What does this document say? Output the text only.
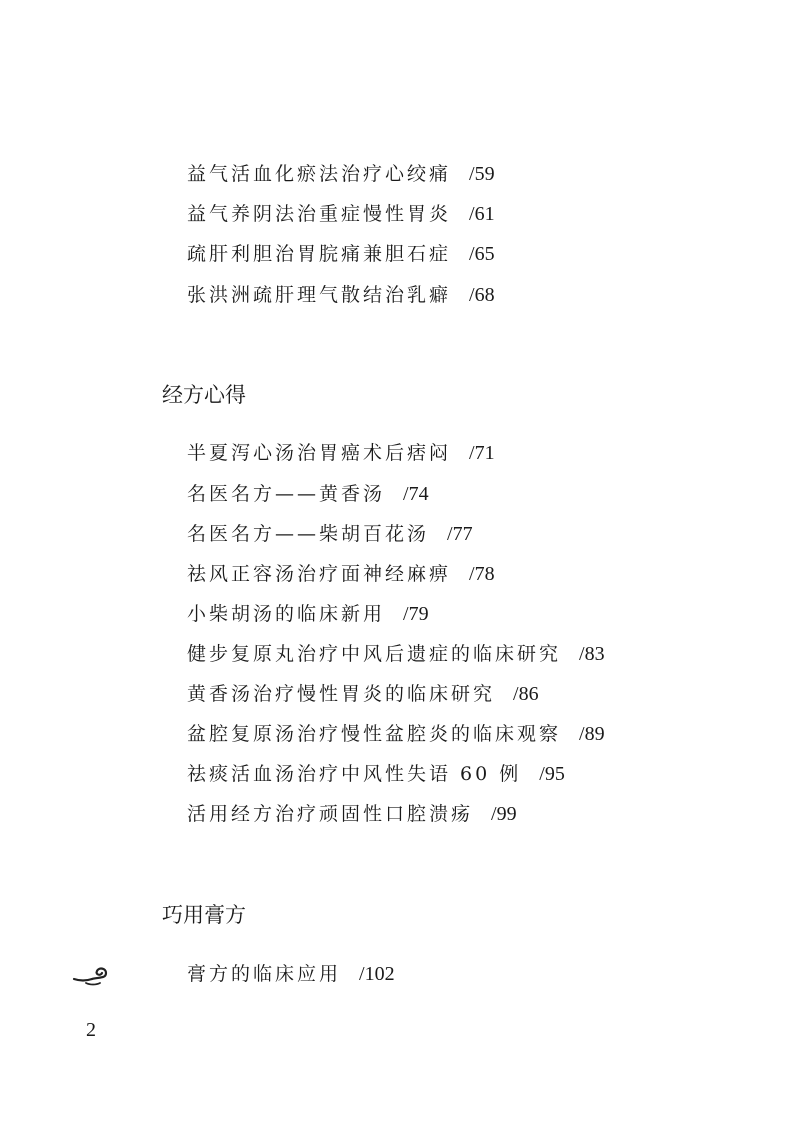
益气活血化瘀法治疗心绞痛 /59
益气养阴法治重症慢性胃炎 /61
疏肝利胆治胃脘痛兼胆石症 /65
张洪洲疏肝理气散结治乳癖 /68
经方心得
半夏泻心汤治胃癌术后痞闷 /71
名医名方——黄香汤 /74
名医名方——柴胡百花汤 /77
祛风正容汤治疗面神经麻痹 /78
小柴胡汤的临床新用 /79
健步复原丸治疗中风后遗症的临床研究 /83
黄香汤治疗慢性胃炎的临床研究 /86
盆腔复原汤治疗慢性盆腔炎的临床观察 /89
祛痰活血汤治疗中风性失语 60 例 /95
活用经方治疗顽固性口腔溃疡 /99
巧用膏方
膏方的临床应用 /102
2
